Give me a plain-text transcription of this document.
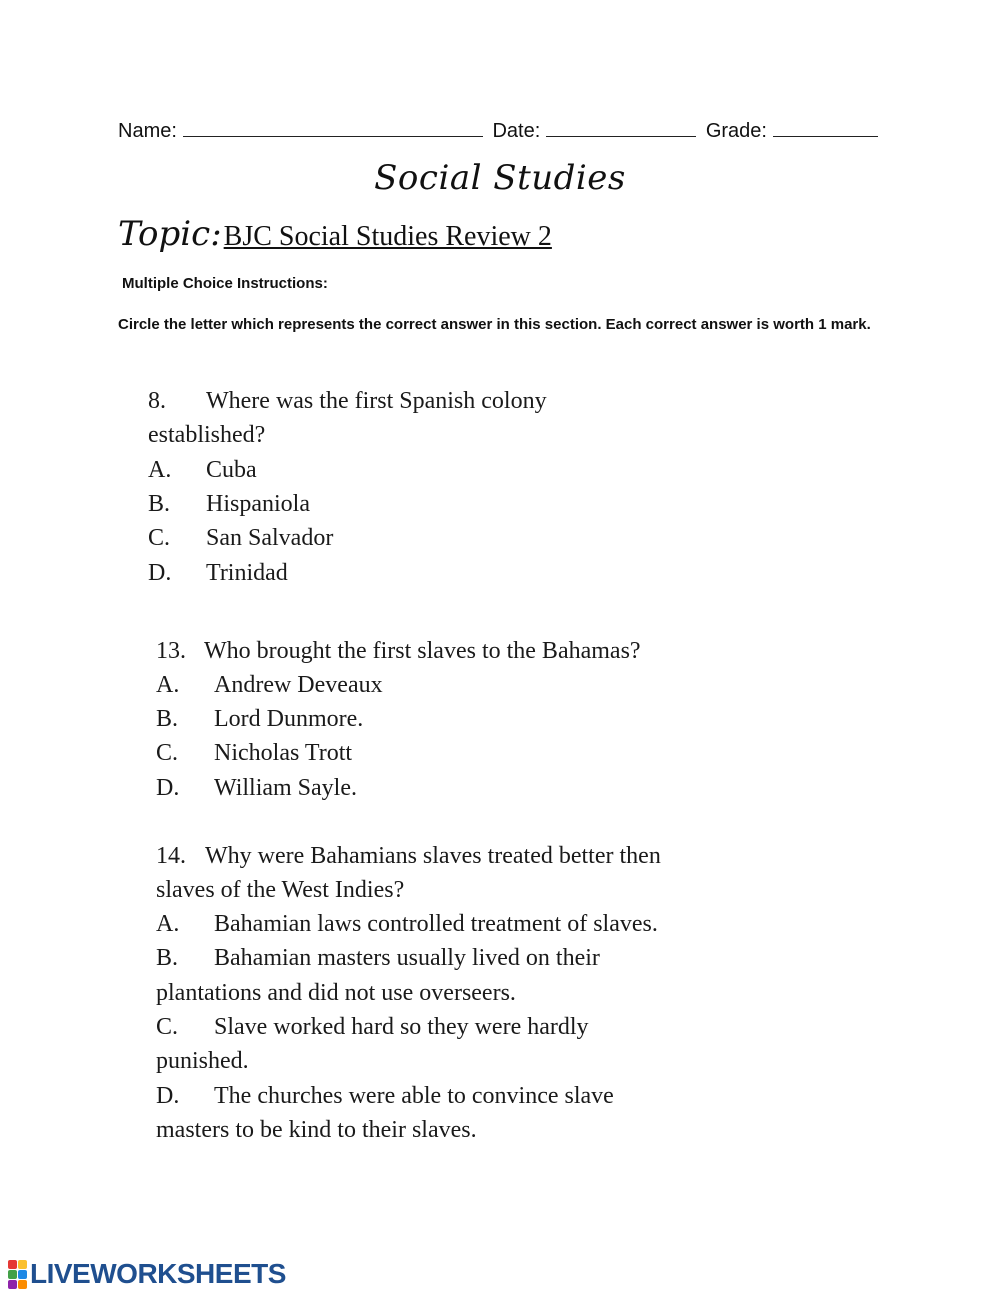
Name:	Date:	Grade:
Social Studies
Topic:BJC Social Studies Review 2
Multiple Choice Instructions:
Circle the letter which represents the correct answer in this section. Each correct answer is worth 1 mark.
8. Where was the first Spanish colony
established?
A. Cuba
B. Hispaniola
C. San Salvador
D. Trinidad
13. Who brought the first slaves to the Bahamas?
A. Andrew Deveaux
B. Lord Dunmore.
C. Nicholas Trott
D. William Sayle.
14. Why were Bahamians slaves treated better then
slaves of the West Indies?
A. Bahamian laws controlled treatment of slaves.
B. Bahamian masters usually lived on their
plantations and did not use overseers.
C. Slave worked hard so they were hardly
punished.
D. The churches were able to convince slave
masters to be kind to their slaves.
LIVEWORKSHEETS
